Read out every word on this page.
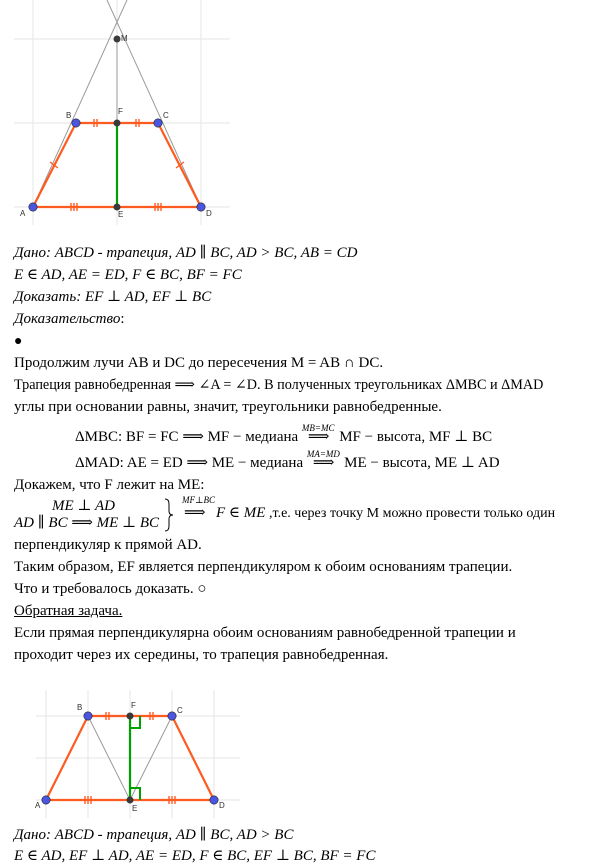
M
B	F	C
A	E	D
Дано: ABCD - трапеция, AD ∥ BC, AD > BC, AB = CD
E ∈ AD, AE = ED, F ∈ BC, BF = FC
Доказать: EF ⊥ AD, EF ⊥ BC
Доказательство:
●
Продолжим лучи AB и DC до пересечения M = AB ∩ DC.
Трапеция равнобедренная ⟹ ∠A = ∠D. В полученных треугольниках ΔMBC и ΔMAD
углы при основании равны, значит, треугольники равнобедренные.
ΔMBC: BF = FC ⟹ MF − медиана
MB=MC
⟹ MF − высота, MF ⊥ BC
ΔMAD: AE = ED ⟹ ME − медиана
MA=MD
⟹ ME − высота, ME ⊥ AD
Докажем, что F лежит на ME:
ME ⊥ AD
AD ∥ BC ⟹ ME ⊥ BC
MF⊥BC
⟹ F ∈ ME ,т.е. через точку М можно провести только один
перпендикуляр к прямой AD.
Таким образом, EF является перпендикуляром к обоим основаниям трапеции.
Что и требовалось доказать. ○
Обратная задача.
Если прямая перпендикулярна обоим основаниям равнобедренной трапеции и
проходит через их середины, то трапеция равнобедренная.
B	F
C
A	E	D
Дано: ABCD - трапеция, AD ∥ BC, AD > BC
E ∈ AD, EF ⊥ AD, AE = ED, F ∈ BC, EF ⊥ BC, BF = FC
